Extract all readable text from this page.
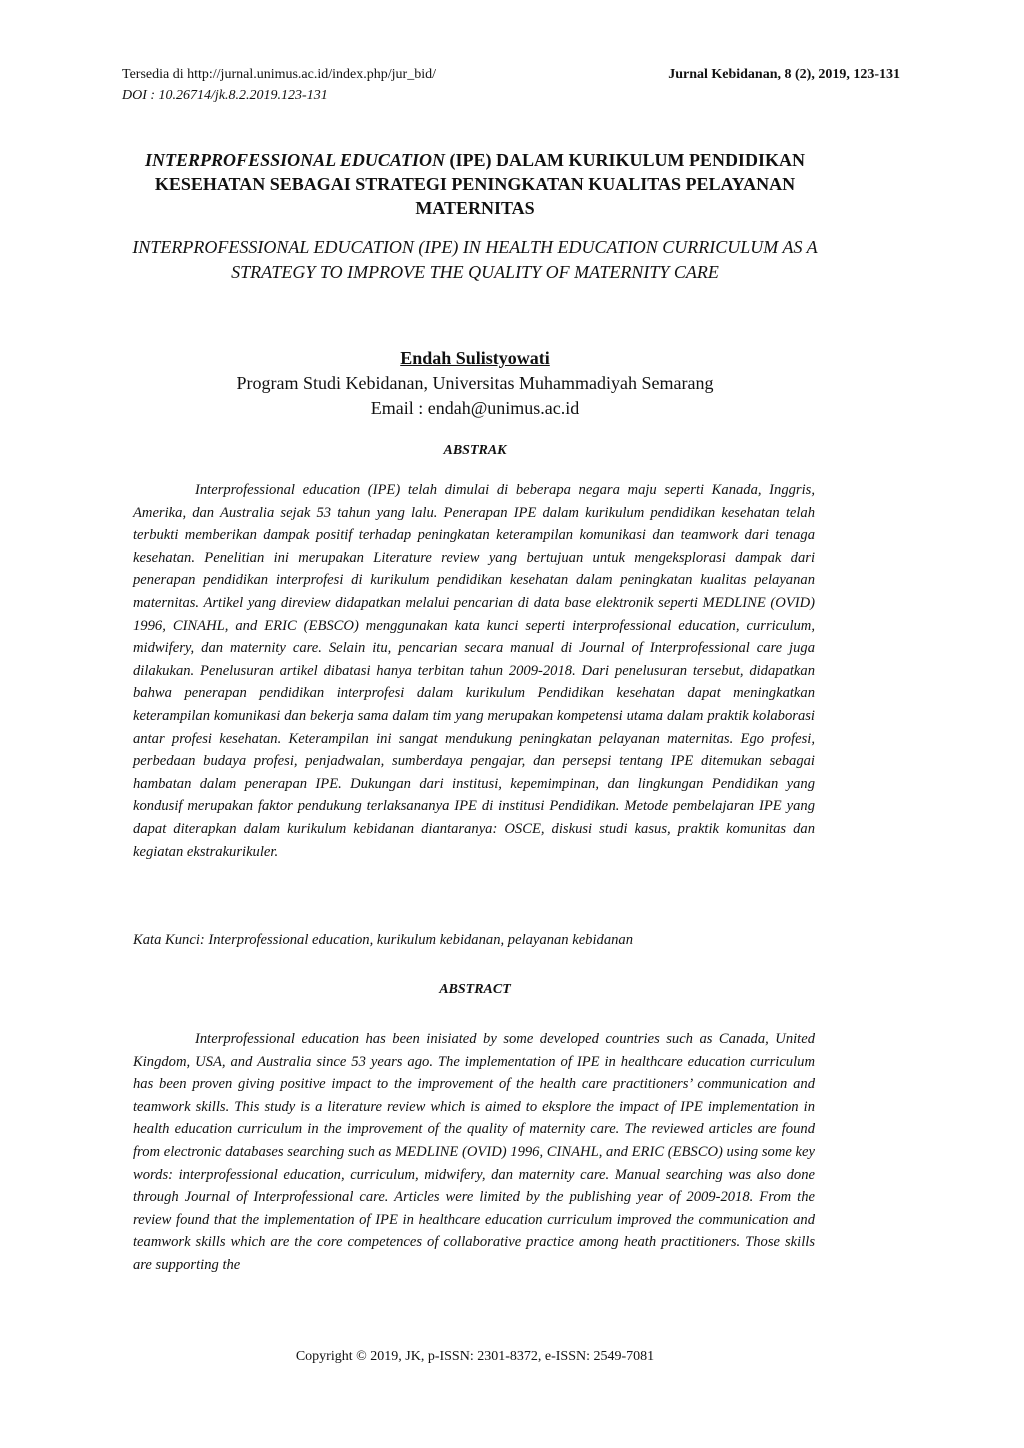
Tersedia di http://jurnal.unimus.ac.id/index.php/jur_bid/
DOI : 10.26714/jk.8.2.2019.123-131
Jurnal Kebidanan, 8 (2), 2019, 123-131
INTERPROFESSIONAL EDUCATION (IPE) DALAM KURIKULUM PENDIDIKAN KESEHATAN SEBAGAI STRATEGI PENINGKATAN KUALITAS PELAYANAN MATERNITAS
INTERPROFESSIONAL EDUCATION (IPE) IN HEALTH EDUCATION CURRICULUM AS A STRATEGY TO IMPROVE THE QUALITY OF MATERNITY CARE
Endah Sulistyowati
Program Studi Kebidanan, Universitas Muhammadiyah Semarang
Email : endah@unimus.ac.id
ABSTRAK
Interprofessional education (IPE) telah dimulai di beberapa negara maju seperti Kanada, Inggris, Amerika, dan Australia sejak 53 tahun yang lalu. Penerapan IPE dalam kurikulum pendidikan kesehatan telah terbukti memberikan dampak positif terhadap peningkatan keterampilan komunikasi dan teamwork dari tenaga kesehatan. Penelitian ini merupakan Literature review yang bertujuan untuk mengeksplorasi dampak dari penerapan pendidikan interprofesi di kurikulum pendidikan kesehatan dalam peningkatan kualitas pelayanan maternitas. Artikel yang direview didapatkan melalui pencarian di data base elektronik seperti MEDLINE (OVID) 1996, CINAHL, and ERIC (EBSCO) menggunakan kata kunci seperti interprofessional education, curriculum, midwifery, dan maternity care. Selain itu, pencarian secara manual di Journal of Interprofessional care juga dilakukan. Penelusuran artikel dibatasi hanya terbitan tahun 2009-2018. Dari penelusuran tersebut, didapatkan bahwa penerapan pendidikan interprofesi dalam kurikulum Pendidikan kesehatan dapat meningkatkan keterampilan komunikasi dan bekerja sama dalam tim yang merupakan kompetensi utama dalam praktik kolaborasi antar profesi kesehatan. Keterampilan ini sangat mendukung peningkatan pelayanan maternitas. Ego profesi, perbedaan budaya profesi, penjadwalan, sumberdaya pengajar, dan persepsi tentang IPE ditemukan sebagai hambatan dalam penerapan IPE. Dukungan dari institusi, kepemimpinan, dan lingkungan Pendidikan yang kondusif merupakan faktor pendukung terlaksananya IPE di institusi Pendidikan. Metode pembelajaran IPE yang dapat diterapkan dalam kurikulum kebidanan diantaranya: OSCE, diskusi studi kasus, praktik komunitas dan kegiatan ekstrakurikuler.
Kata Kunci: Interprofessional education, kurikulum kebidanan, pelayanan kebidanan
ABSTRACT
Interprofessional education has been inisiated by some developed countries such as Canada, United Kingdom, USA, and Australia since 53 years ago. The implementation of IPE in healthcare education curriculum has been proven giving positive impact to the improvement of the health care practitioners’ communication and teamwork skills. This study is a literature review which is aimed to eksplore the impact of IPE implementation in health education curriculum in the improvement of the quality of maternity care. The reviewed articles are found from electronic databases searching such as MEDLINE (OVID) 1996, CINAHL, and ERIC (EBSCO) using some key words: interprofessional education, curriculum, midwifery, dan maternity care. Manual searching was also done through Journal of Interprofessional care. Articles were limited by the publishing year of 2009-2018. From the review found that the implementation of IPE in healthcare education curriculum improved the communication and teamwork skills which are the core competences of collaborative practice among heath practitioners. Those skills are supporting the
Copyright © 2019, JK, p-ISSN: 2301-8372, e-ISSN: 2549-7081
